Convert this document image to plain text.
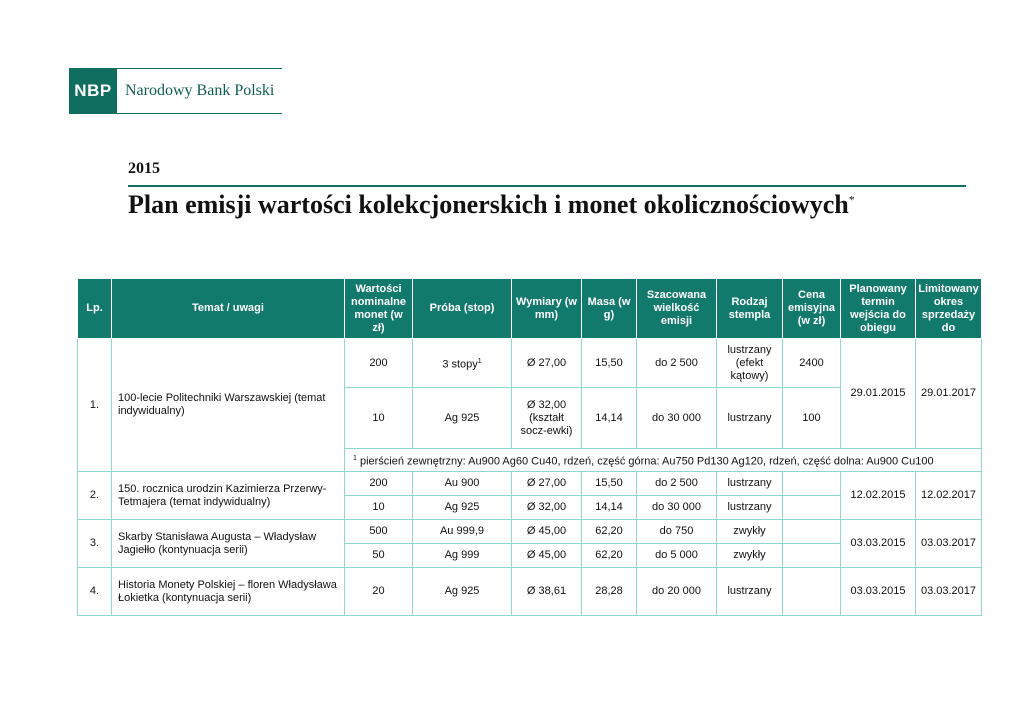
NBP Narodowy Bank Polski
2015
Plan emisji wartości kolekcjonerskich i monet okolicznościowych*
Lp.	Temat / uwagi	Wartości nominalne monet (w zł)	Próba (stop)	Wymiary (w mm)	Masa (w g)	Szacowana wielkość emisji	Rodzaj stempla	Cena emisyjna (w zł)	Planowany termin wejścia do obiegu	Limitowany okres sprzedaży do
1.	100-lecie Politechniki Warszawskiej (temat indywidualny)	200	3 stopy$^1$	Ø 27,00	15,50	do 2 500	lustrzany (efekt kątowy)	2400	29.01.2015	29.01.2017
		10	Ag 925	Ø 32,00 (kształt socz-ewki)	14,14	do 30 000	lustrzany	100		
		$^1$ pierścień zewnętrzny: Au900 Ag60 Cu40, rdzeń, część górna: Au750 Pd130 Ag120, rdzeń, część dolna: Au900 Cu100								
2.	150. rocznica urodzin Kazimierza Przerwy-Tetmajera (temat indywidualny)	200	Au 900	Ø 27,00	15,50	do 2 500	lustrzany		12.02.2015	12.02.2017
		10	Ag 925	Ø 32,00	14,14	do 30 000	lustrzany			
3.	Skarby Stanisława Augusta – Władysław Jagiełło (kontynuacja serii)	500	Au 999,9	Ø 45,00	62,20	do 750	zwykły		03.03.2015	03.03.2017
		50	Ag 999	Ø 45,00	62,20	do 5 000	zwykły			
4.	Historia Monety Polskiej – floren Władysława Łokietka (kontynuacja serii)	20	Ag 925	Ø 38,61	28,28	do 20 000	lustrzany		03.03.2015	03.03.2017
